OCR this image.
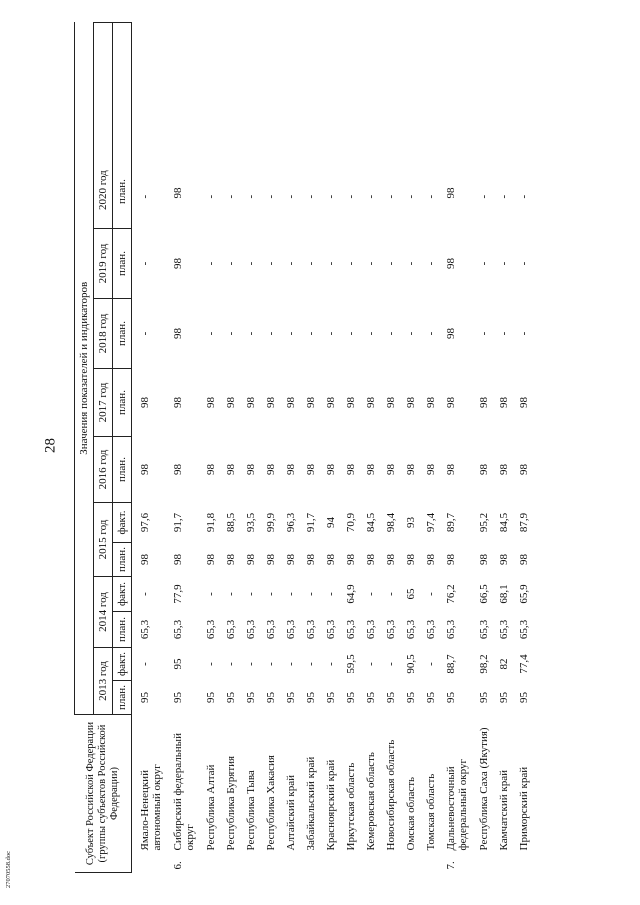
28
27070558.doc
Субъект Российской Федерации (группы субъектов Российской Федерации)		Значения показателей и индикаторов										
		2013 год		2014 год		2015 год		2016 год	2017 год	2018 год	2019 год	2020 год
		план.	факт.	план.	факт.	план.	факт.	план.	план.	план.	план.	план.
	Ямало-Ненецкий автономный округ	95	-	65,3	-	98	97,6	98	98	-	-	-
6.	Сибирский федеральный округ	95	95	65,3	77,9	98	91,7	98	98	98	98	98
	Республика Алтай	95	-	65,3	-	98	91,8	98	98	-	-	-
	Республика Бурятия	95	-	65,3	-	98	88,5	98	98	-	-	-
	Республика Тыва	95	-	65,3	-	98	93,5	98	98	-	-	-
	Республика Хакасия	95	-	65,3	-	98	99,9	98	98	-	-	-
	Алтайский край	95	-	65,3	-	98	96,3	98	98	-	-	-
	Забайкальский край	95	-	65,3	-	98	91,7	98	98	-	-	-
	Красноярский край	95	-	65,3	-	98	94	98	98	-	-	-
	Иркутская область	95	59,5	65,3	64,9	98	70,9	98	98	-	-	-
	Кемеровская область	95	-	65,3	-	98	84,5	98	98	-	-	-
	Новосибирская область	95	-	65,3	-	98	98,4	98	98	-	-	-
	Омская область	95	90,5	65,3	65	98	93	98	98	-	-	-
	Томская область	95	-	65,3	-	98	97,4	98	98	-	-	-
7.	Дальневосточный федеральный округ	95	88,7	65,3	76,2	98	89,7	98	98	98	98	98
	Республика Саха (Якутия)	95	98,2	65,3	66,5	98	95,2	98	98	-	-	-
	Камчатский край	95	82	65,3	68,1	98	84,5	98	98	-	-	-
	Приморский край	95	77,4	65,3	65,9	98	87,9	98	98	-	-	-
